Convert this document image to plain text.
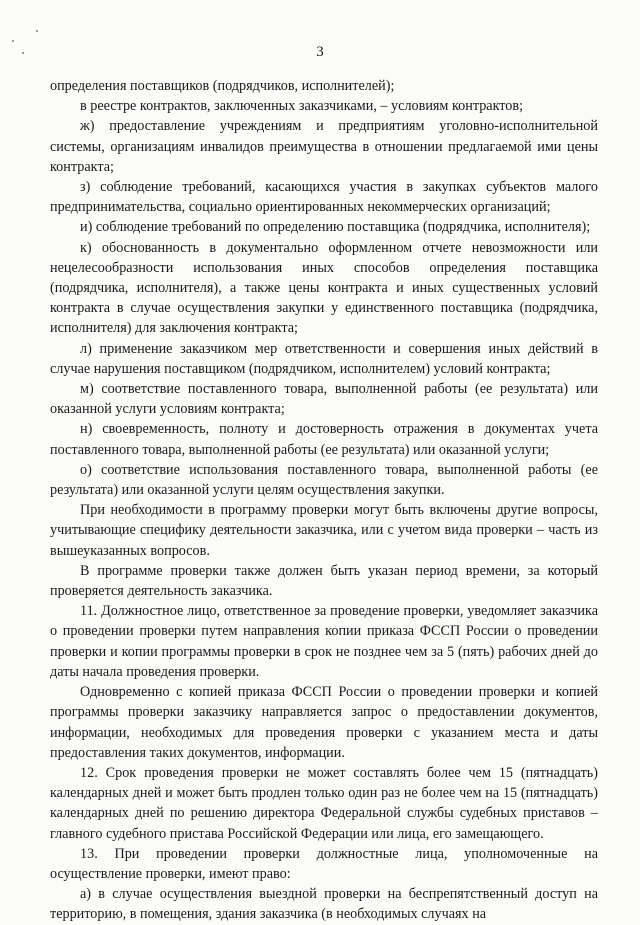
3

определения поставщиков (подрядчиков, исполнителей);

в реестре контрактов, заключенных заказчиками, – условиям контрактов;

ж) предоставление учреждениям и предприятиям уголовно-исполнительной системы, организациям инвалидов преимущества в отношении предлагаемой ими цены контракта;

з) соблюдение требований, касающихся участия в закупках субъектов малого предпринимательства, социально ориентированных некоммерческих организаций;

и) соблюдение требований по определению поставщика (подрядчика, исполнителя);

к) обоснованность в документально оформленном отчете невозможности или нецелесообразности использования иных способов определения поставщика (подрядчика, исполнителя), а также цены контракта и иных существенных условий контракта в случае осуществления закупки у единственного поставщика (подрядчика, исполнителя) для заключения контракта;

л) применение заказчиком мер ответственности и совершения иных действий в случае нарушения поставщиком (подрядчиком, исполнителем) условий контракта;

м) соответствие поставленного товара, выполненной работы (ее результата) или оказанной услуги условиям контракта;

н) своевременность, полноту и достоверность отражения в документах учета поставленного товара, выполненной работы (ее результата) или оказанной услуги;

о) соответствие использования поставленного товара, выполненной работы (ее результата) или оказанной услуги целям осуществления закупки.

При необходимости в программу проверки могут быть включены другие вопросы, учитывающие специфику деятельности заказчика, или с учетом вида проверки – часть из вышеуказанных вопросов.

В программе проверки также должен быть указан период времени, за который проверяется деятельность заказчика.

11. Должностное лицо, ответственное за проведение проверки, уведомляет заказчика о проведении проверки путем направления копии приказа ФССП России о проведении проверки и копии программы проверки в срок не позднее чем за 5 (пять) рабочих дней до даты начала проведения проверки.

Одновременно с копией приказа ФССП России о проведении проверки и копией программы проверки заказчику направляется запрос о предоставлении документов, информации, необходимых для проведения проверки с указанием места и даты предоставления таких документов, информации.

12. Срок проведения проверки не может составлять более чем 15 (пятнадцать) календарных дней и может быть продлен только один раз не более чем на 15 (пятнадцать) календарных дней по решению директора Федеральной службы судебных приставов – главного судебного пристава Российской Федерации или лица, его замещающего.

13. При проведении проверки должностные лица, уполномоченные на осуществление проверки, имеют право:

а) в случае осуществления выездной проверки на беспрепятственный доступ на территорию, в помещения, здания заказчика (в необходимых случаях на
